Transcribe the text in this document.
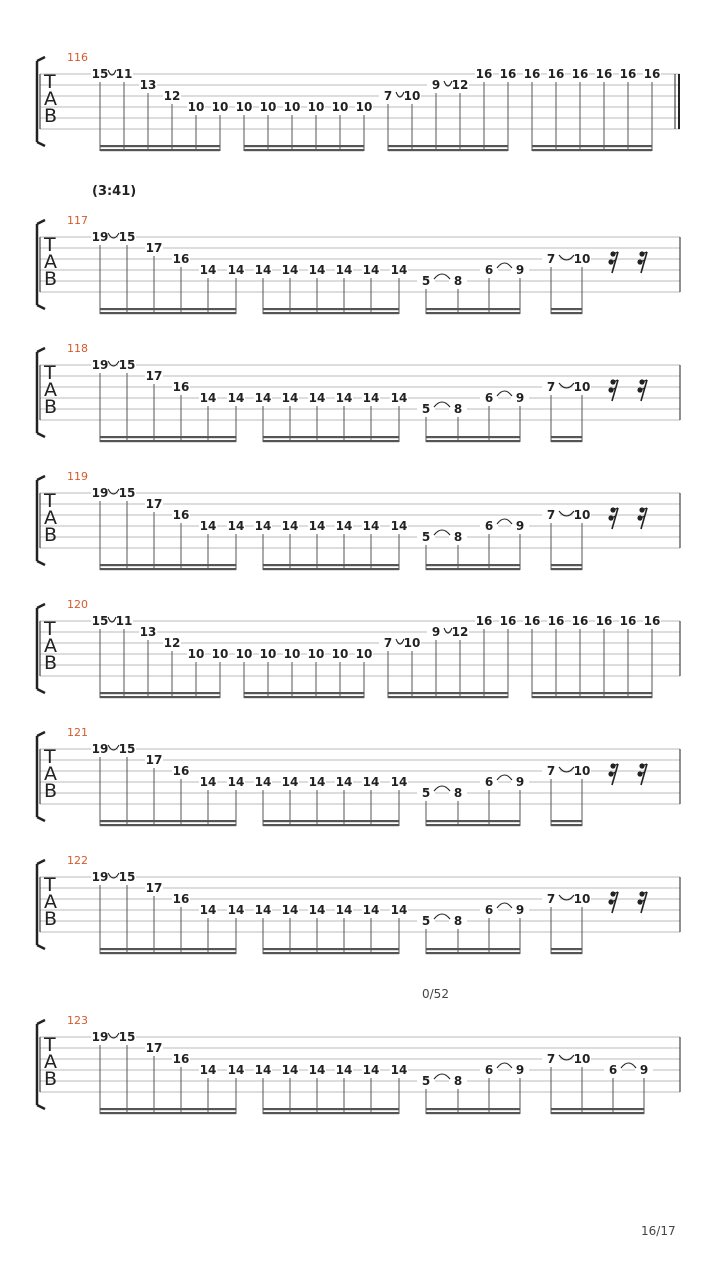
(3:41)
T
A
B
116
15 11
13
12
10 10 10 10 10 10 10 10
7 10
9 12
16 16 16 16 16 16 16 16
T
A
B
117
19 15
17
16
14 14 14 14 14 14 14 14
5 8
6 9
7 10
T
A
B
118
19 15
17
16
14 14 14 14 14 14 14 14
5 8
6 9
7 10
T
A
B
119
19 15
17
16
14 14 14 14 14 14 14 14
5 8
6 9
7 10
T
A
B
120
15 11
13
12
10 10 10 10 10 10 10 10
7 10
9 12
16 16 16 16 16 16 16 16
T
A
B
121
19 15
17
16
14 14 14 14 14 14 14 14
5 8
6 9
7 10
T
A
B
122
19 15
17
16
14 14 14 14 14 14 14 14
5 8
6 9
7 10
T
A
B
123
19 15
17
16
14 14 14 14 14 14 14 14
5 8
6 9
7 10
6 9
0/52
16/17
